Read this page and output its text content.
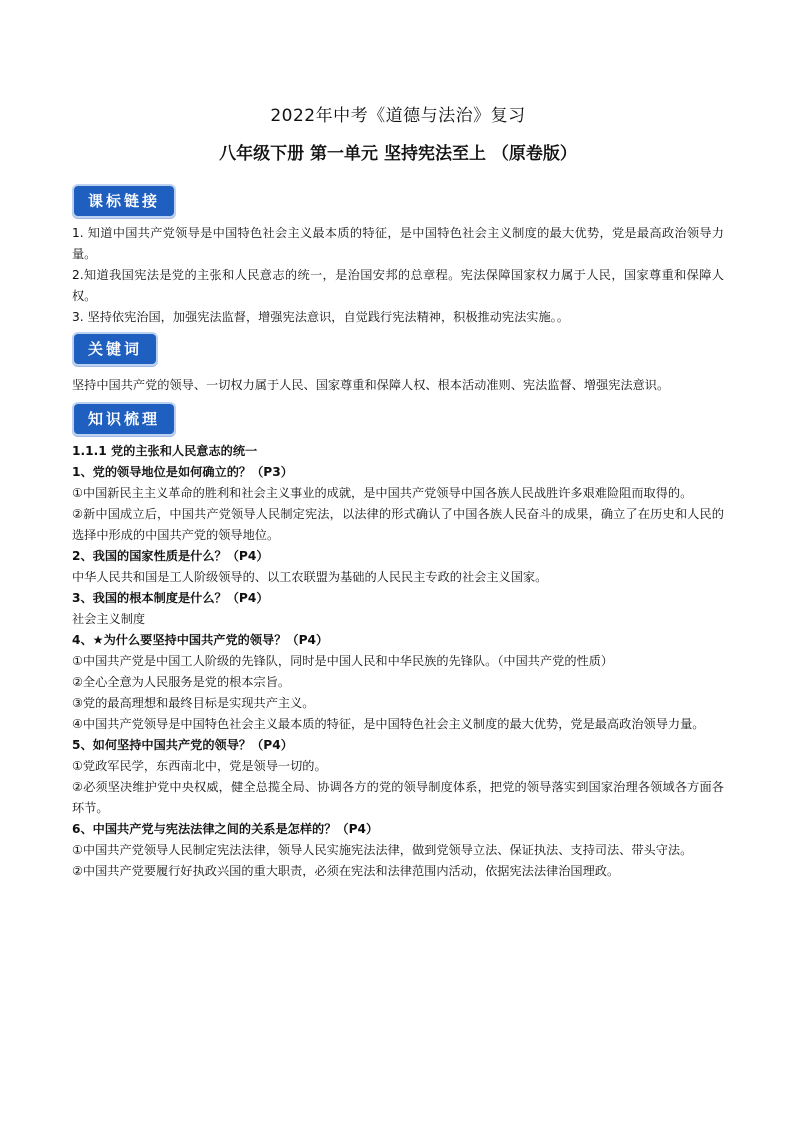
2022年中考《道德与法治》复习
八年级下册 第一单元 坚持宪法至上 （原卷版）
课标链接

1. 知道中国共产党领导是中国特色社会主义最本质的特征，是中国特色社会主义制度的最大优势，党是最高政治领导力量。

2.知道我国宪法是党的主张和人民意志的统一，是治国安邦的总章程。宪法保障国家权力属于人民，国家尊重和保障人权。

3. 坚持依宪治国，加强宪法监督，增强宪法意识，自觉践行宪法精神，积极推动宪法实施。。

关键词

坚持中国共产党的领导、一切权力属于人民、国家尊重和保障人权、根本活动准则、宪法监督、增强宪法意识。

知识梳理

1.1.1 党的主张和人民意志的统一

1、党的领导地位是如何确立的？（P3）

①中国新民主主义革命的胜利和社会主义事业的成就，是中国共产党领导中国各族人民战胜许多艰难险阻而取得的。

②新中国成立后，中国共产党领导人民制定宪法，以法律的形式确认了中国各族人民奋斗的成果，确立了在历史和人民的选择中形成的中国共产党的领导地位。

2、我国的国家性质是什么？（P4）

中华人民共和国是工人阶级领导的、以工农联盟为基础的人民民主专政的社会主义国家。

3、我国的根本制度是什么？（P4）

社会主义制度

4、★为什么要坚持中国共产党的领导？（P4）

①中国共产党是中国工人阶级的先锋队，同时是中国人民和中华民族的先锋队。（中国共产党的性质）

②全心全意为人民服务是党的根本宗旨。

③党的最高理想和最终目标是实现共产主义。

④中国共产党领导是中国特色社会主义最本质的特征，是中国特色社会主义制度的最大优势，党是最高政治领导力量。

5、如何坚持中国共产党的领导？（P4）

①党政军民学，东西南北中，党是领导一切的。

②必须坚决维护党中央权威，健全总揽全局、协调各方的党的领导制度体系，把党的领导落实到国家治理各领域各方面各环节。

6、中国共产党与宪法法律之间的关系是怎样的？（P4）

①中国共产党领导人民制定宪法法律，领导人民实施宪法法律，做到党领导立法、保证执法、支持司法、带头守法。

②中国共产党要履行好执政兴国的重大职责，必须在宪法和法律范围内活动，依据宪法法律治国理政。
